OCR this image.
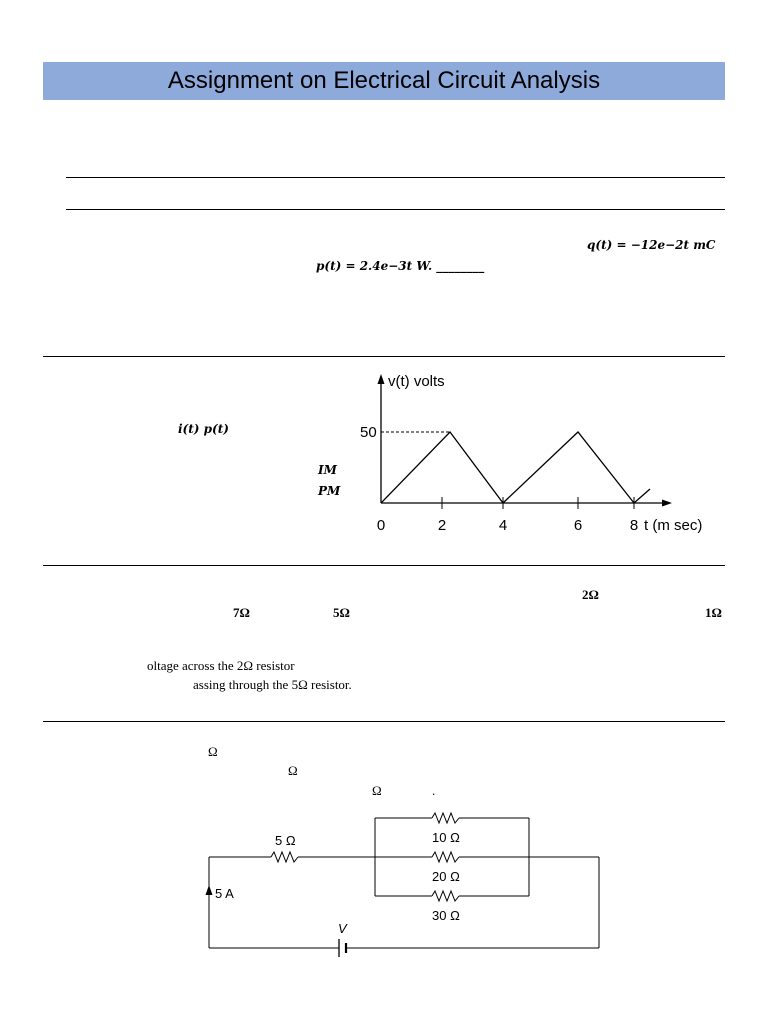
Assignment on Electrical Circuit Analysis
q(t) = −12e−2t mC
p(t) = 2.4e−3t W. ________
i(t) p(t)
IM
PM
v(t) volts
50
0	2	4	6	8 t (m sec)
2Ω
7Ω	5Ω	1Ω
oltage across the 2Ω resistor
assing through the 5Ω resistor.
Ω
Ω
Ω	.
5 Ω	10 Ω
20 Ω
30 Ω
5 A
V
